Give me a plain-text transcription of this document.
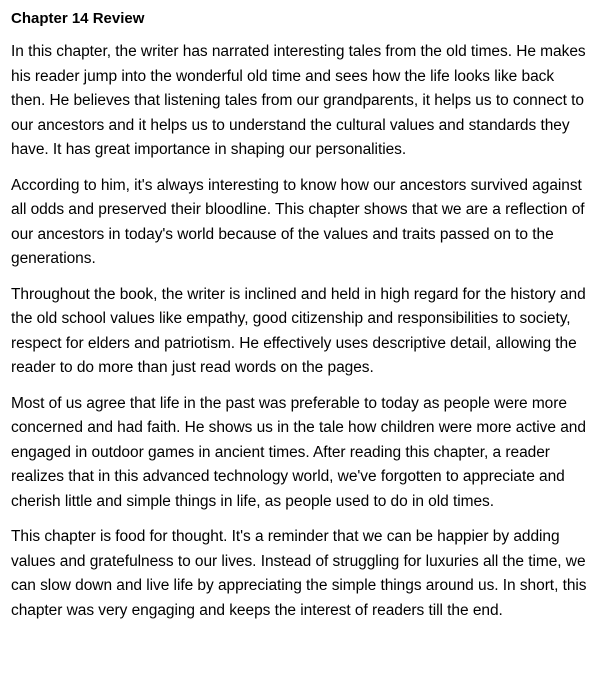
Chapter 14 Review

In this chapter, the writer has narrated interesting tales from the old times. He makes his reader jump into the wonderful old time and sees how the life looks like back then. He believes that listening tales from our grandparents, it helps us to connect to our ancestors and it helps us to understand the cultural values and standards they have. It has great importance in shaping our personalities.

According to him, it's always interesting to know how our ancestors survived against all odds and preserved their bloodline. This chapter shows that we are a reflection of our ancestors in today's world because of the values and traits passed on to the generations.

Throughout the book, the writer is inclined and held in high regard for the history and the old school values like empathy, good citizenship and responsibilities to society, respect for elders and patriotism. He effectively uses descriptive detail, allowing the reader to do more than just read words on the pages.

Most of us agree that life in the past was preferable to today as people were more concerned and had faith. He shows us in the tale how children were more active and engaged in outdoor games in ancient times. After reading this chapter, a reader realizes that in this advanced technology world, we've forgotten to appreciate and cherish little and simple things in life, as people used to do in old times.

This chapter is food for thought. It's a reminder that we can be happier by adding values and gratefulness to our lives. Instead of struggling for luxuries all the time, we can slow down and live life by appreciating the simple things around us. In short, this chapter was very engaging and keeps the interest of readers till the end.
